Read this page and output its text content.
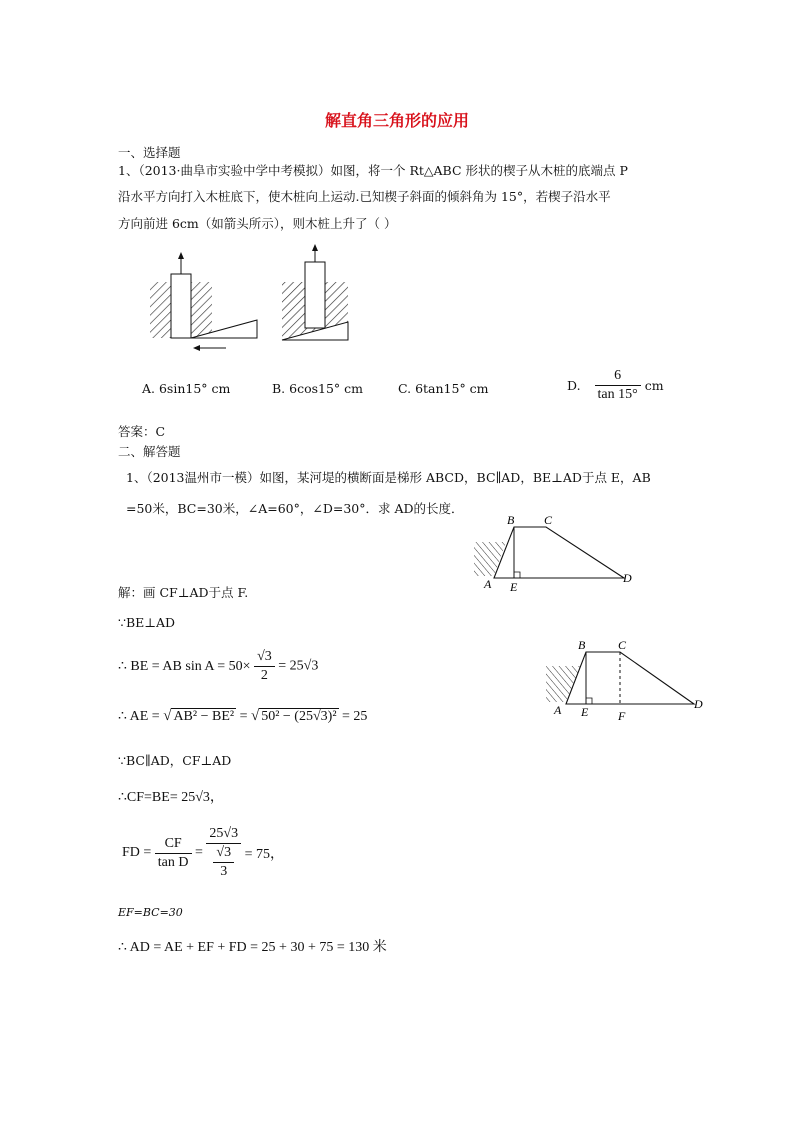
解直角三角形的应用
一、选择题
1、（2013·曲阜市实验中学中考模拟）如图，将一个 Rt△ABC 形状的楔子从木桩的底端点 P
沿水平方向打入木桩底下，使木桩向上运动.已知楔子斜面的倾斜角为 15°，若楔子沿水平
方向前进 6cm（如箭头所示），则木桩上升了（ ）
A. 6sin15° cm	B. 6cos15° cm	C. 6tan15° cm	D. $\frac{6}{\tan 15^\circ}$ cm
答案：C
二、解答题
1、（2013温州市一模）如图，某河堤的横断面是梯形 ABCD，BC∥AD，BE⊥AD于点 E，AB
=50米，BC=30米，∠A=60°，∠D=30°．求 AD的长度．
B C
D
A E
解：画 CF⊥AD于点 F.
∵BE⊥AD
∴ BE = AB $\sin A = 50\times \frac{√3}{2} = 25√3$
∴ AE = √ AB² − BE² = √ 50² − (25√3)² = 25
B	C
D
A E F
∵BC∥AD，CF⊥AD
∴CF=BE= 25√3，
FD = $\frac{CF}{\text{tan D}} = \frac{25√3}{\frac{√3}{3}} = 75$，
EF=BC=30
∴ AD = AE + EF + FD = 25 + 30 + 75 = 130 米
